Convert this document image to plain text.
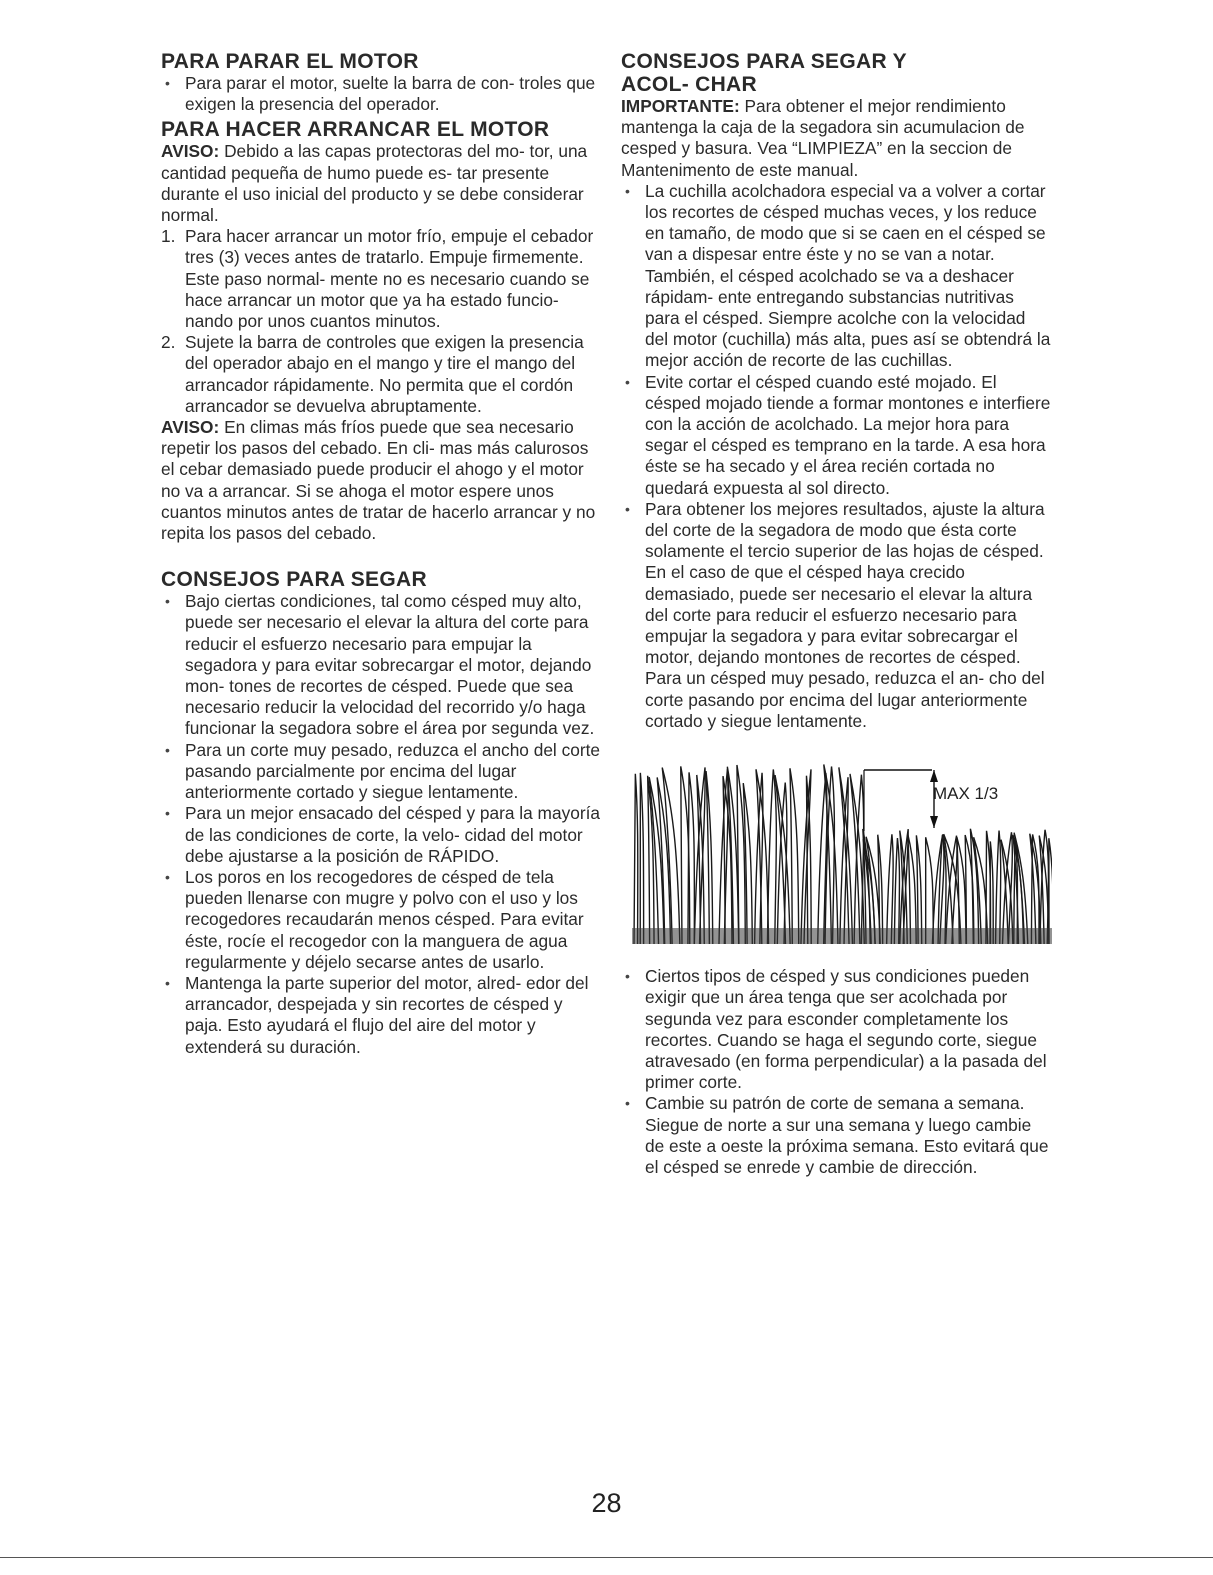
PARA PARAR EL MOTOR
• Para parar el motor, suelte la barra de con- troles que exigen la presencia del operador.
PARA HACER ARRANCAR EL MOTOR

AVISO: Debido a las capas protectoras del mo- tor, una cantidad pequeña de humo puede es- tar presente durante el uso inicial del producto y se debe considerar normal.

1. Para hacer arrancar un motor frío, empuje el cebador tres (3) veces antes de tratarlo. Empuje firmemente. Este paso normal- mente no es necesario cuando se hace arrancar un motor que ya ha estado funcio- nando por unos cuantos minutos.
2. Sujete la barra de controles que exigen la presencia del operador abajo en el mango y tire el mango del arrancador rápidamente. No permita que el cordón arrancador se devuelva abruptamente.

AVISO: En climas más fríos puede que sea necesario repetir los pasos del cebado. En cli- mas más calurosos el cebar demasiado puede producir el ahogo y el motor no va a arrancar. Si se ahoga el motor espere unos cuantos minutos antes de tratar de hacerlo arrancar y no repita los pasos del cebado.

CONSEJOS PARA SEGAR
• Bajo ciertas condiciones, tal como césped muy alto, puede ser necesario el elevar la altura del corte para reducir el esfuerzo necesario para empujar la segadora y para evitar sobrecargar el motor, dejando mon- tones de recortes de césped. Puede que sea necesario reducir la velocidad del recorrido y/o haga funcionar la segadora sobre el área por segunda vez.
• Para un corte muy pesado, reduzca el ancho del corte pasando parcialmente por encima del lugar anteriormente cortado y siegue lentamente.
• Para un mejor ensacado del césped y para la mayoría de las condiciones de corte, la velo- cidad del motor debe ajustarse a la posición de RÁPIDO.
• Los poros en los recogedores de césped de tela pueden llenarse con mugre y polvo con el uso y los recogedores recaudarán menos césped. Para evitar éste, rocíe el recogedor con la manguera de agua regularmente y déjelo secarse antes de usarlo.
• Mantenga la parte superior del motor, alred- edor del arrancador, despejada y sin recortes de césped y paja. Esto ayudará el flujo del aire del motor y extenderá su duración.
CONSEJOS PARA SEGAR Y ACOL- CHAR

IMPORTANTE: Para obtener el mejor rendimiento mantenga la caja de la segadora sin acumulacion de cesped y basura. Vea “LIMPIEZA” en la seccion de Mantenimento de este manual.

• La cuchilla acolchadora especial va a volver a cortar los recortes de césped muchas veces, y los reduce en tamaño, de modo que si se caen en el césped se van a dispesar entre éste y no se van a notar. También, el césped acolchado se va a deshacer rápidam- ente entregando substancias nutritivas para el césped. Siempre acolche con la velocidad del motor (cuchilla) más alta, pues así se obtendrá la mejor acción de recorte de las cuchillas.
• Evite cortar el césped cuando esté mojado. El césped mojado tiende a formar montones e interfiere con la acción de acolchado. La mejor hora para segar el césped es temprano en la tarde. A esa hora éste se ha secado y el área recién cortada no quedará expuesta al sol directo.
• Para obtener los mejores resultados, ajuste la altura del corte de la segadora de modo que ésta corte solamente el tercio superior de las hojas de césped. En el caso de que el césped haya crecido demasiado, puede ser necesario el elevar la altura del corte para reducir el esfuerzo necesario para empujar la segadora y para evitar sobrecargar el motor, dejando montones de recortes de césped. Para un césped muy pesado, reduzca el an- cho del corte pasando por encima del lugar anteriormente cortado y siegue lentamente.
MAX 1/3
• Ciertos tipos de césped y sus condiciones pueden exigir que un área tenga que ser acolchada por segunda vez para esconder completamente los recortes. Cuando se haga el segundo corte, siegue atravesado (en forma perpendicular) a la pasada del primer corte.
• Cambie su patrón de corte de semana a semana. Siegue de norte a sur una semana y luego cambie de este a oeste la próxima semana. Esto evitará que el césped se enrede y cambie de dirección.
28
